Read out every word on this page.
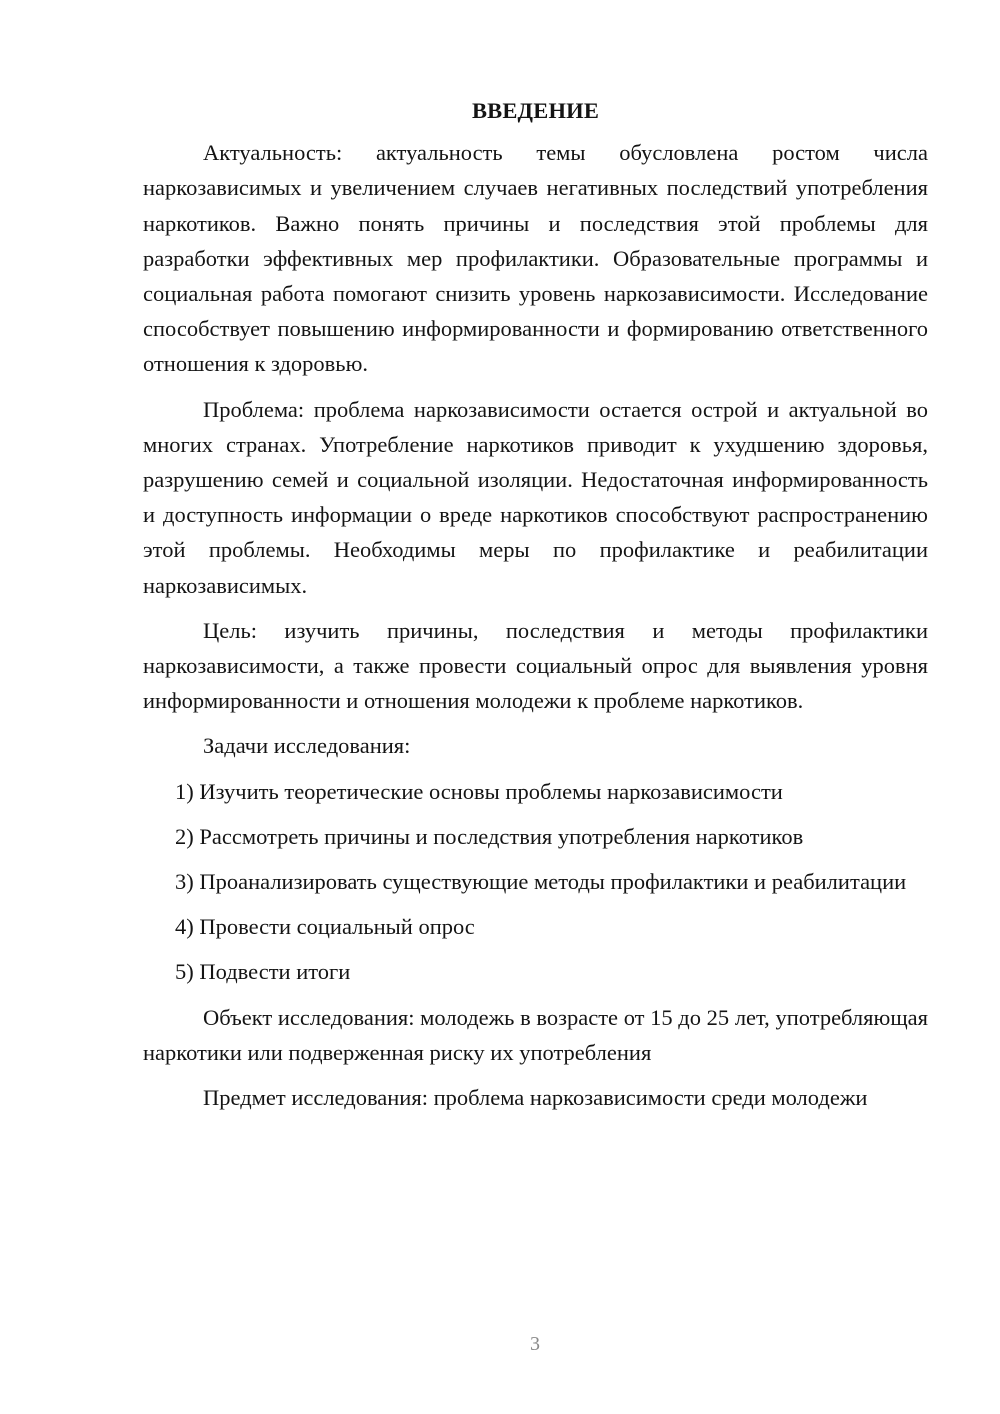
ВВЕДЕНИЕ

Актуальность: актуальность темы обусловлена ростом числа наркозависимых и увеличением случаев негативных последствий употребления наркотиков. Важно понять причины и последствия этой проблемы для разработки эффективных мер профилактики. Образовательные программы и социальная работа помогают снизить уровень наркозависимости. Исследование способствует повышению информированности и формированию ответственного отношения к здоровью.

Проблема: проблема наркозависимости остается острой и актуальной во многих странах. Употребление наркотиков приводит к ухудшению здоровья, разрушению семей и социальной изоляции. Недостаточная информированность и доступность информации о вреде наркотиков способствуют распространению этой проблемы. Необходимы меры по профилактике и реабилитации наркозависимых.

Цель: изучить причины, последствия и методы профилактики наркозависимости, а также провести социальный опрос для выявления уровня информированности и отношения молодежи к проблеме наркотиков.

Задачи исследования:

1) Изучить теоретические основы проблемы наркозависимости

2) Рассмотреть причины и последствия употребления наркотиков

3) Проанализировать существующие методы профилактики и реабилитации

4) Провести социальный опрос

5) Подвести итоги

Объект исследования: молодежь в возрасте от 15 до 25 лет, употребляющая наркотики или подверженная риску их употребления

Предмет исследования: проблема наркозависимости среди молодежи

3
